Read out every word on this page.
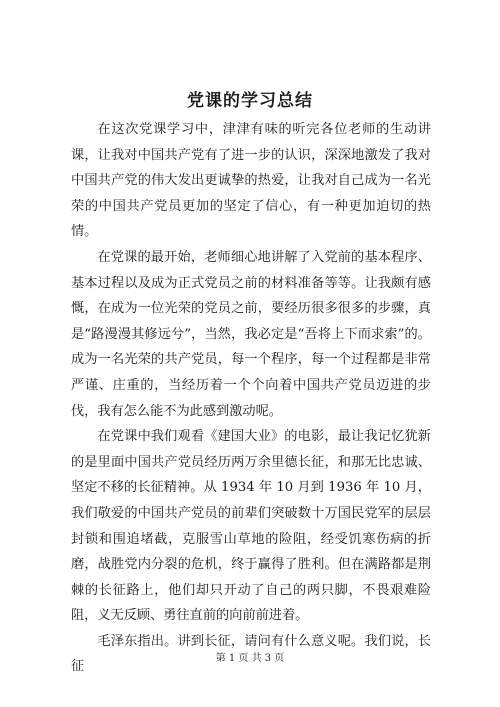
党课的学习总结

在这次党课学习中，津津有味的听完各位老师的生动讲课，让我对中国共产党有了进一步的认识，深深地激发了我对中国共产党的伟大发出更诚挚的热爱，让我对自己成为一名光荣的中国共产党员更加的坚定了信心，有一种更加迫切的热情。

在党课的最开始，老师细心地讲解了入党前的基本程序、基本过程以及成为正式党员之前的材料准备等等。让我颇有感慨，在成为一位光荣的党员之前，要经历很多很多的步骤，真是“路漫漫其修远兮”，当然，我必定是“吾将上下而求索”的。成为一名光荣的共产党员，每一个程序，每一个过程都是非常严谨、庄重的，当经历着一个个向着中国共产党员迈进的步伐，我有怎么能不为此感到激动呢。

在党课中我们观看《建国大业》的电影，最让我记忆犹新的是里面中国共产党员经历两万余里德长征，和那无比忠诚、坚定不移的长征精神。从 1934 年 10 月到 1936 年 10 月，我们敬爱的中国共产党员的前辈们突破数十万国民党军的层层封锁和围追堵截，克服雪山草地的险阻，经受饥寒伤病的折磨，战胜党内分裂的危机，终于赢得了胜利。但在满路都是荆棘的长征路上，他们却只开动了自己的两只脚，不畏艰难险阻，义无反顾、勇往直前的向前前进着。

毛泽东指出。讲到长征，请问有什么意义呢。我们说，长征

第 1 页 共 3 页
